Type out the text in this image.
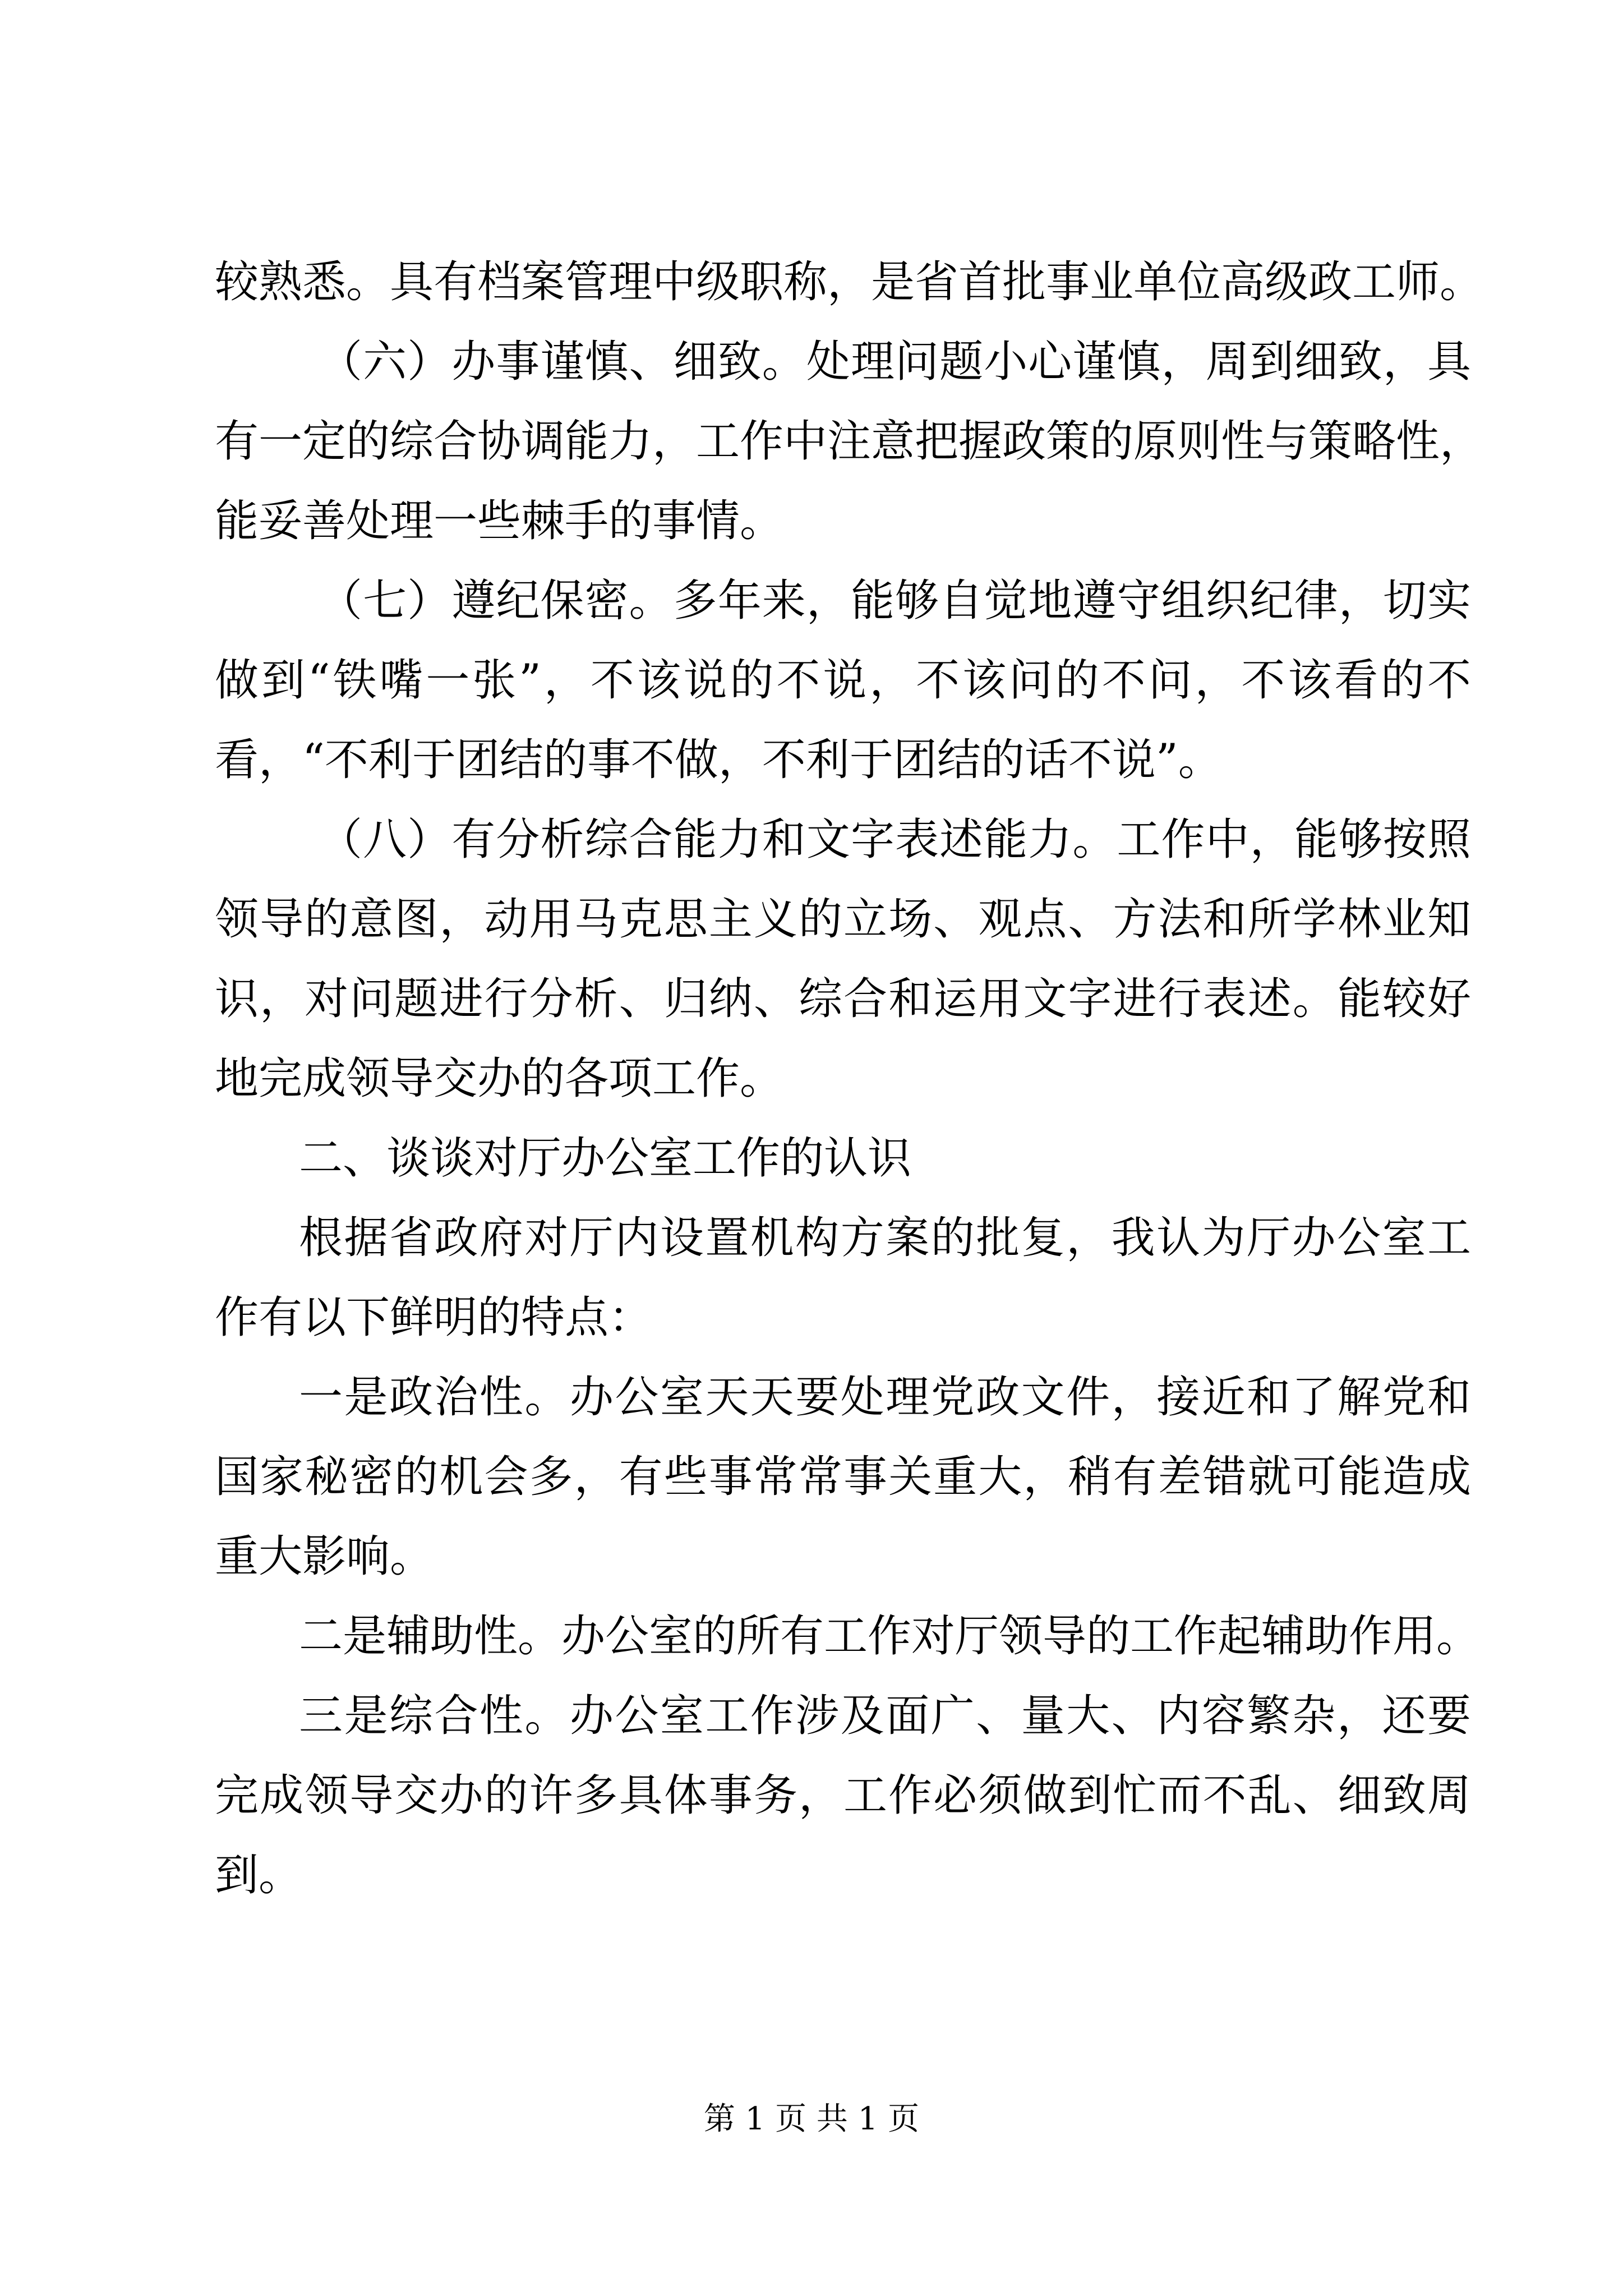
较熟悉。具有档案管理中级职称，是省首批事业单位高级政工师。
（六）办事谨慎、细致。处理问题小心谨慎，周到细致，具
有一定的综合协调能力，工作中注意把握政策的原则性与策略性，
能妥善处理一些棘手的事情。
（七）遵纪保密。多年来，能够自觉地遵守组织纪律，切实
做到“铁嘴一张”，不该说的不说，不该问的不问，不该看的不
看，“不利于团结的事不做，不利于团结的话不说”。
（八）有分析综合能力和文字表述能力。工作中，能够按照
领导的意图，动用马克思主义的立场、观点、方法和所学林业知
识，对问题进行分析、归纳、综合和运用文字进行表述。能较好
地完成领导交办的各项工作。
二、谈谈对厅办公室工作的认识
根据省政府对厅内设置机构方案的批复，我认为厅办公室工
作有以下鲜明的特点：
一是政治性。办公室天天要处理党政文件，接近和了解党和
国家秘密的机会多，有些事常常事关重大，稍有差错就可能造成
重大影响。
二是辅助性。办公室的所有工作对厅领导的工作起辅助作用。
三是综合性。办公室工作涉及面广、量大、内容繁杂，还要
完成领导交办的许多具体事务，工作必须做到忙而不乱、细致周
到。
第 1 页 共 1 页
